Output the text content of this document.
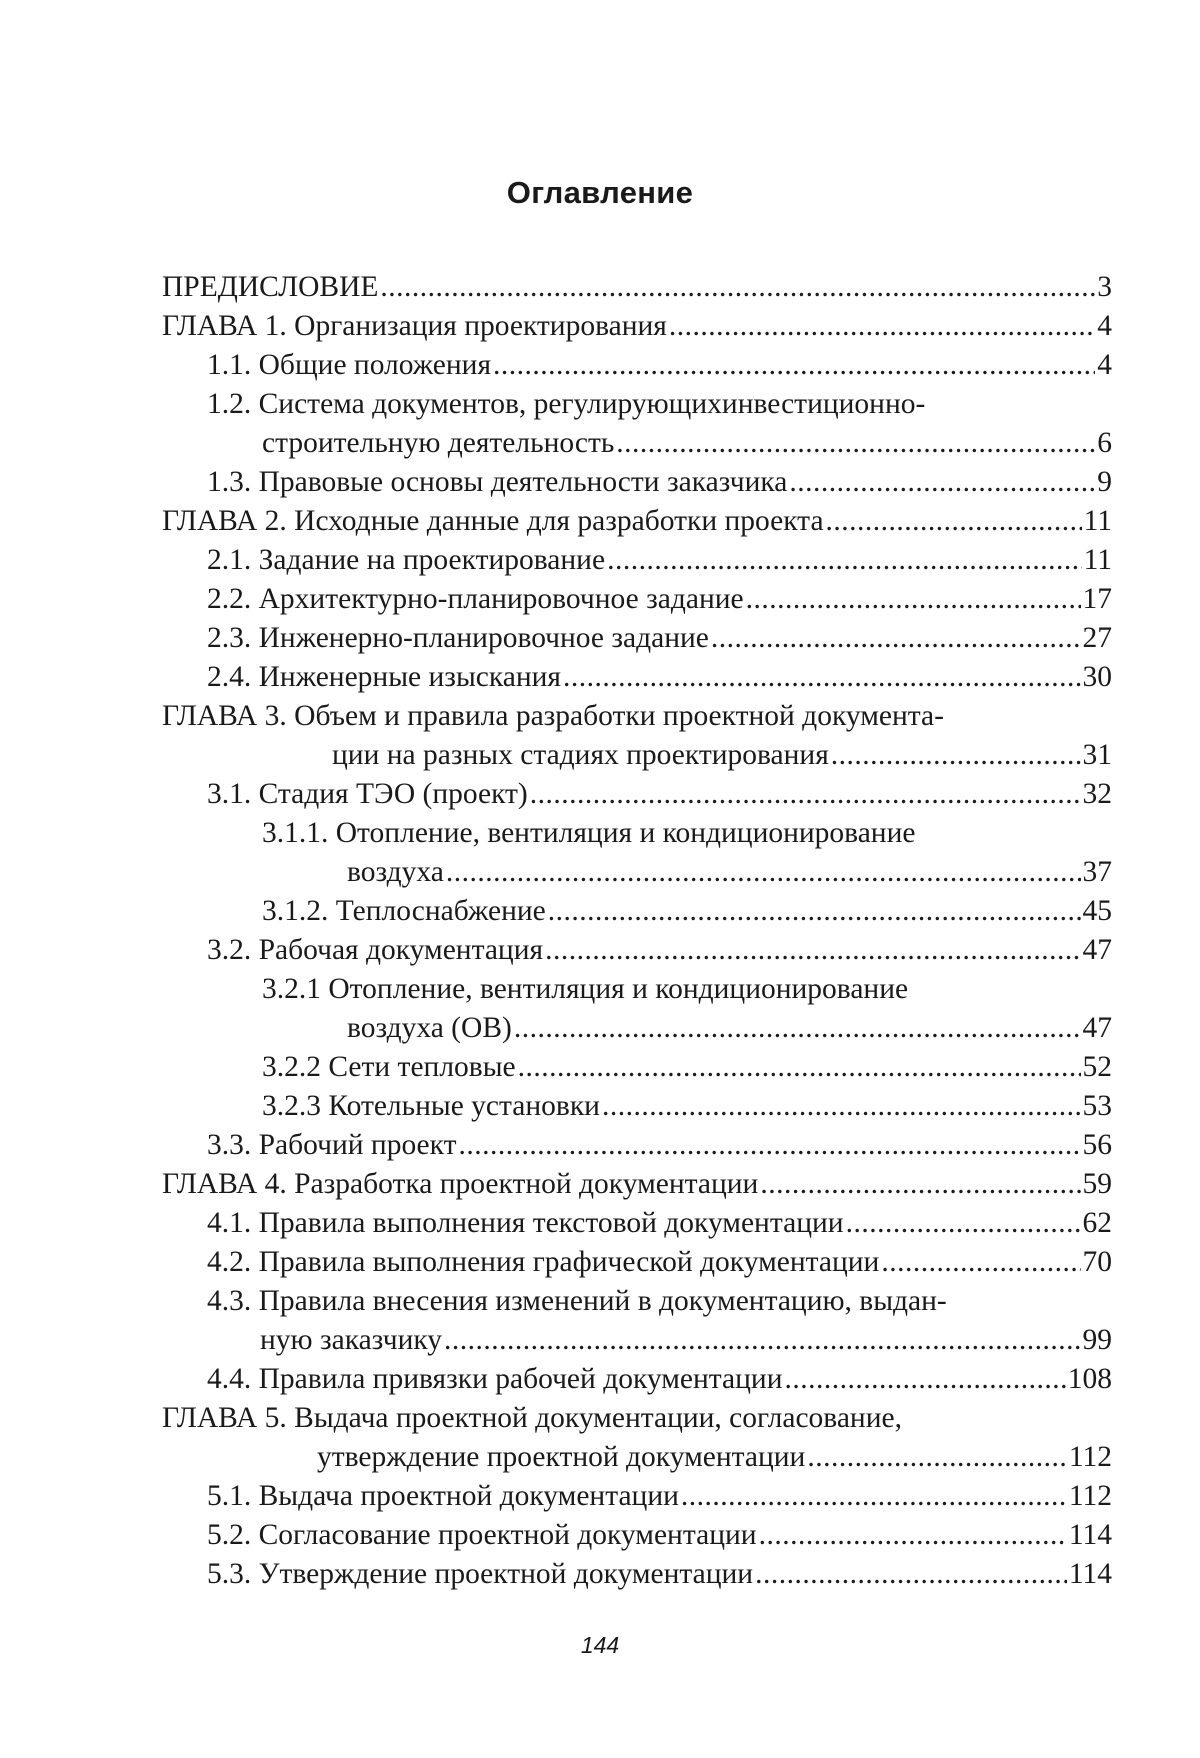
Оглавление
ПРЕДИСЛОВИЕ .....	3
ГЛАВА 1. Организация проектирования .....	4
1.1. Общие положения .....	4
1.2. Система документов, регулирующихинвестиционно-
строительную деятельность .....	6
1.3. Правовые основы деятельности заказчика .....	9
ГЛАВА 2. Исходные данные для разработки проекта .....	11
2.1. Задание на проектирование .....	11
2.2. Архитектурно-планировочное задание .....	17
2.3. Инженерно-планировочное задание .....	27
2.4. Инженерные изыскания .....	30
ГЛАВА 3. Объем и правила разработки проектной документа-
ции на разных стадиях проектирования .....	31
3.1. Стадия ТЭО (проект) .....	32
3.1.1. Отопление, вентиляция и кондиционирование
воздуха .....	37
3.1.2. Теплоснабжение .....	45
3.2. Рабочая документация .....	47
3.2.1 Отопление, вентиляция и кондиционирование
воздуха (ОВ) .....	47
3.2.2 Сети тепловые .....	52
3.2.3 Котельные установки .....	53
3.3. Рабочий проект .....	56
ГЛАВА 4. Разработка проектной документации .....	59
4.1. Правила выполнения текстовой документации .....	62
4.2. Правила выполнения графической документации .....	70
4.3. Правила внесения изменений в документацию, выдан-
ную заказчику .....	99
4.4. Правила привязки рабочей документации .....	108
ГЛАВА 5. Выдача проектной документации, согласование,
утверждение проектной документации .....	112
5.1. Выдача проектной документации .....	112
5.2. Согласование проектной документации .....	114
5.3. Утверждение проектной документации .....	114
144
